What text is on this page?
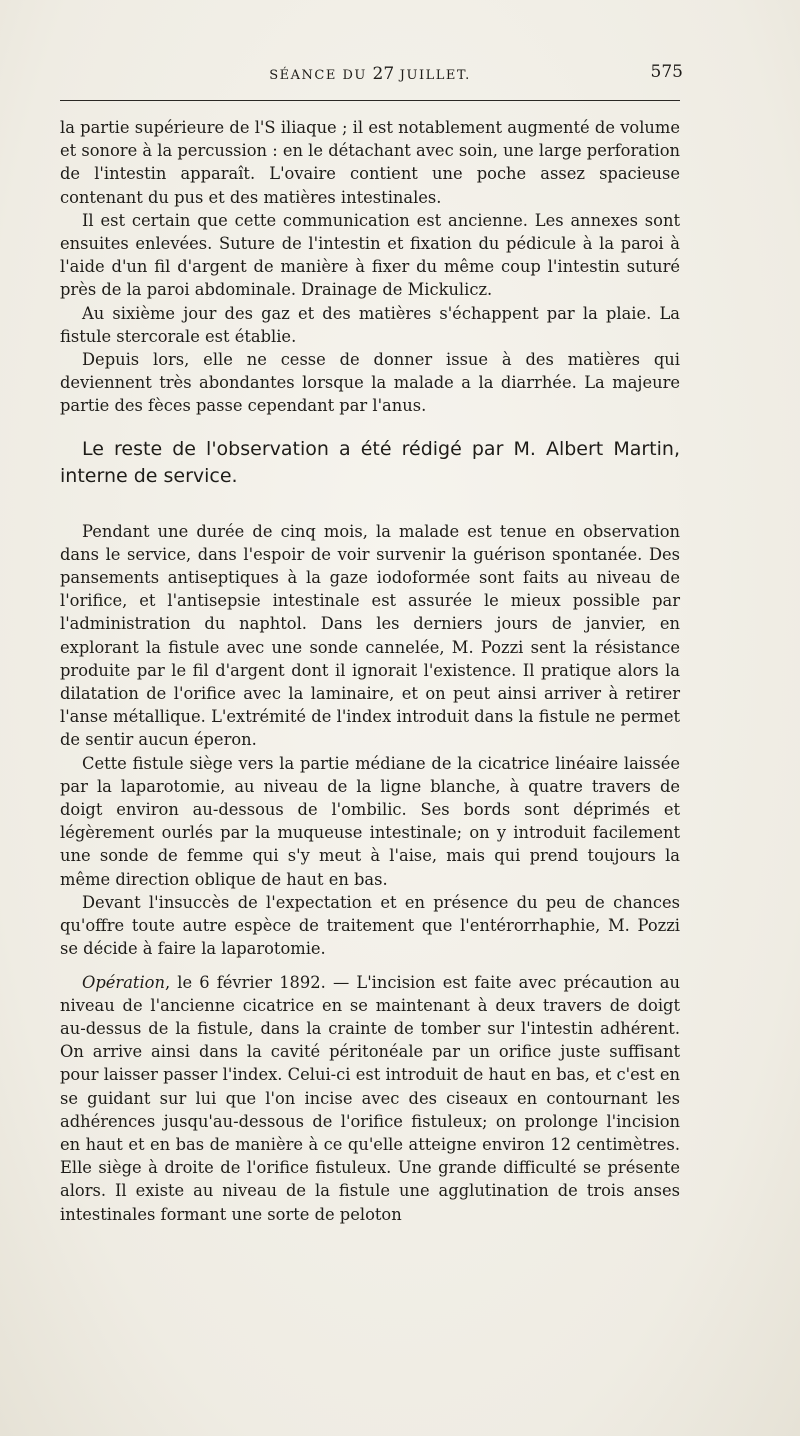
SÉANCE DU 27 JUILLET.	575

la partie supérieure de l'S iliaque ; il est notablement augmenté de volume et sonore à la percussion : en le détachant avec soin, une large perforation de l'intestin apparaît. L'ovaire contient une poche assez spacieuse contenant du pus et des matières intestinales.

Il est certain que cette communication est ancienne. Les annexes sont ensuites enlevées. Suture de l'intestin et fixation du pédicule à la paroi à l'aide d'un fil d'argent de manière à fixer du même coup l'intestin suturé près de la paroi abdominale. Drainage de Mickulicz.

Au sixième jour des gaz et des matières s'échappent par la plaie. La fistule stercorale est établie.

Depuis lors, elle ne cesse de donner issue à des matières qui deviennent très abondantes lorsque la malade a la diarrhée. La majeure partie des fèces passe cependant par l'anus.

Le reste de l'observation a été rédigé par M. Albert Martin, interne de service.

Pendant une durée de cinq mois, la malade est tenue en observation dans le service, dans l'espoir de voir survenir la guérison spontanée. Des pansements antiseptiques à la gaze iodoformée sont faits au niveau de l'orifice, et l'antisepsie intestinale est assurée le mieux possible par l'administration du naphtol. Dans les derniers jours de janvier, en explorant la fistule avec une sonde cannelée, M. Pozzi sent la résistance produite par le fil d'argent dont il ignorait l'existence. Il pratique alors la dilatation de l'orifice avec la laminaire, et on peut ainsi arriver à retirer l'anse métallique. L'extrémité de l'index introduit dans la fistule ne permet de sentir aucun éperon.

Cette fistule siège vers la partie médiane de la cicatrice linéaire laissée par la laparotomie, au niveau de la ligne blanche, à quatre travers de doigt environ au-dessous de l'ombilic. Ses bords sont déprimés et légèrement ourlés par la muqueuse intestinale; on y introduit facilement une sonde de femme qui s'y meut à l'aise, mais qui prend toujours la même direction oblique de haut en bas.

Devant l'insuccès de l'expectation et en présence du peu de chances qu'offre toute autre espèce de traitement que l'entérorrhaphie, M. Pozzi se décide à faire la laparotomie.

Opération, le 6 février 1892. — L'incision est faite avec précaution au niveau de l'ancienne cicatrice en se maintenant à deux travers de doigt au-dessus de la fistule, dans la crainte de tomber sur l'intestin adhérent. On arrive ainsi dans la cavité péritonéale par un orifice juste suffisant pour laisser passer l'index. Celui-ci est introduit de haut en bas, et c'est en se guidant sur lui que l'on incise avec des ciseaux en contournant les adhérences jusqu'au-dessous de l'orifice fistuleux; on prolonge l'incision en haut et en bas de manière à ce qu'elle atteigne environ 12 centimètres. Elle siège à droite de l'orifice fistuleux. Une grande difficulté se présente alors. Il existe au niveau de la fistule une agglutination de trois anses intestinales formant une sorte de peloton
